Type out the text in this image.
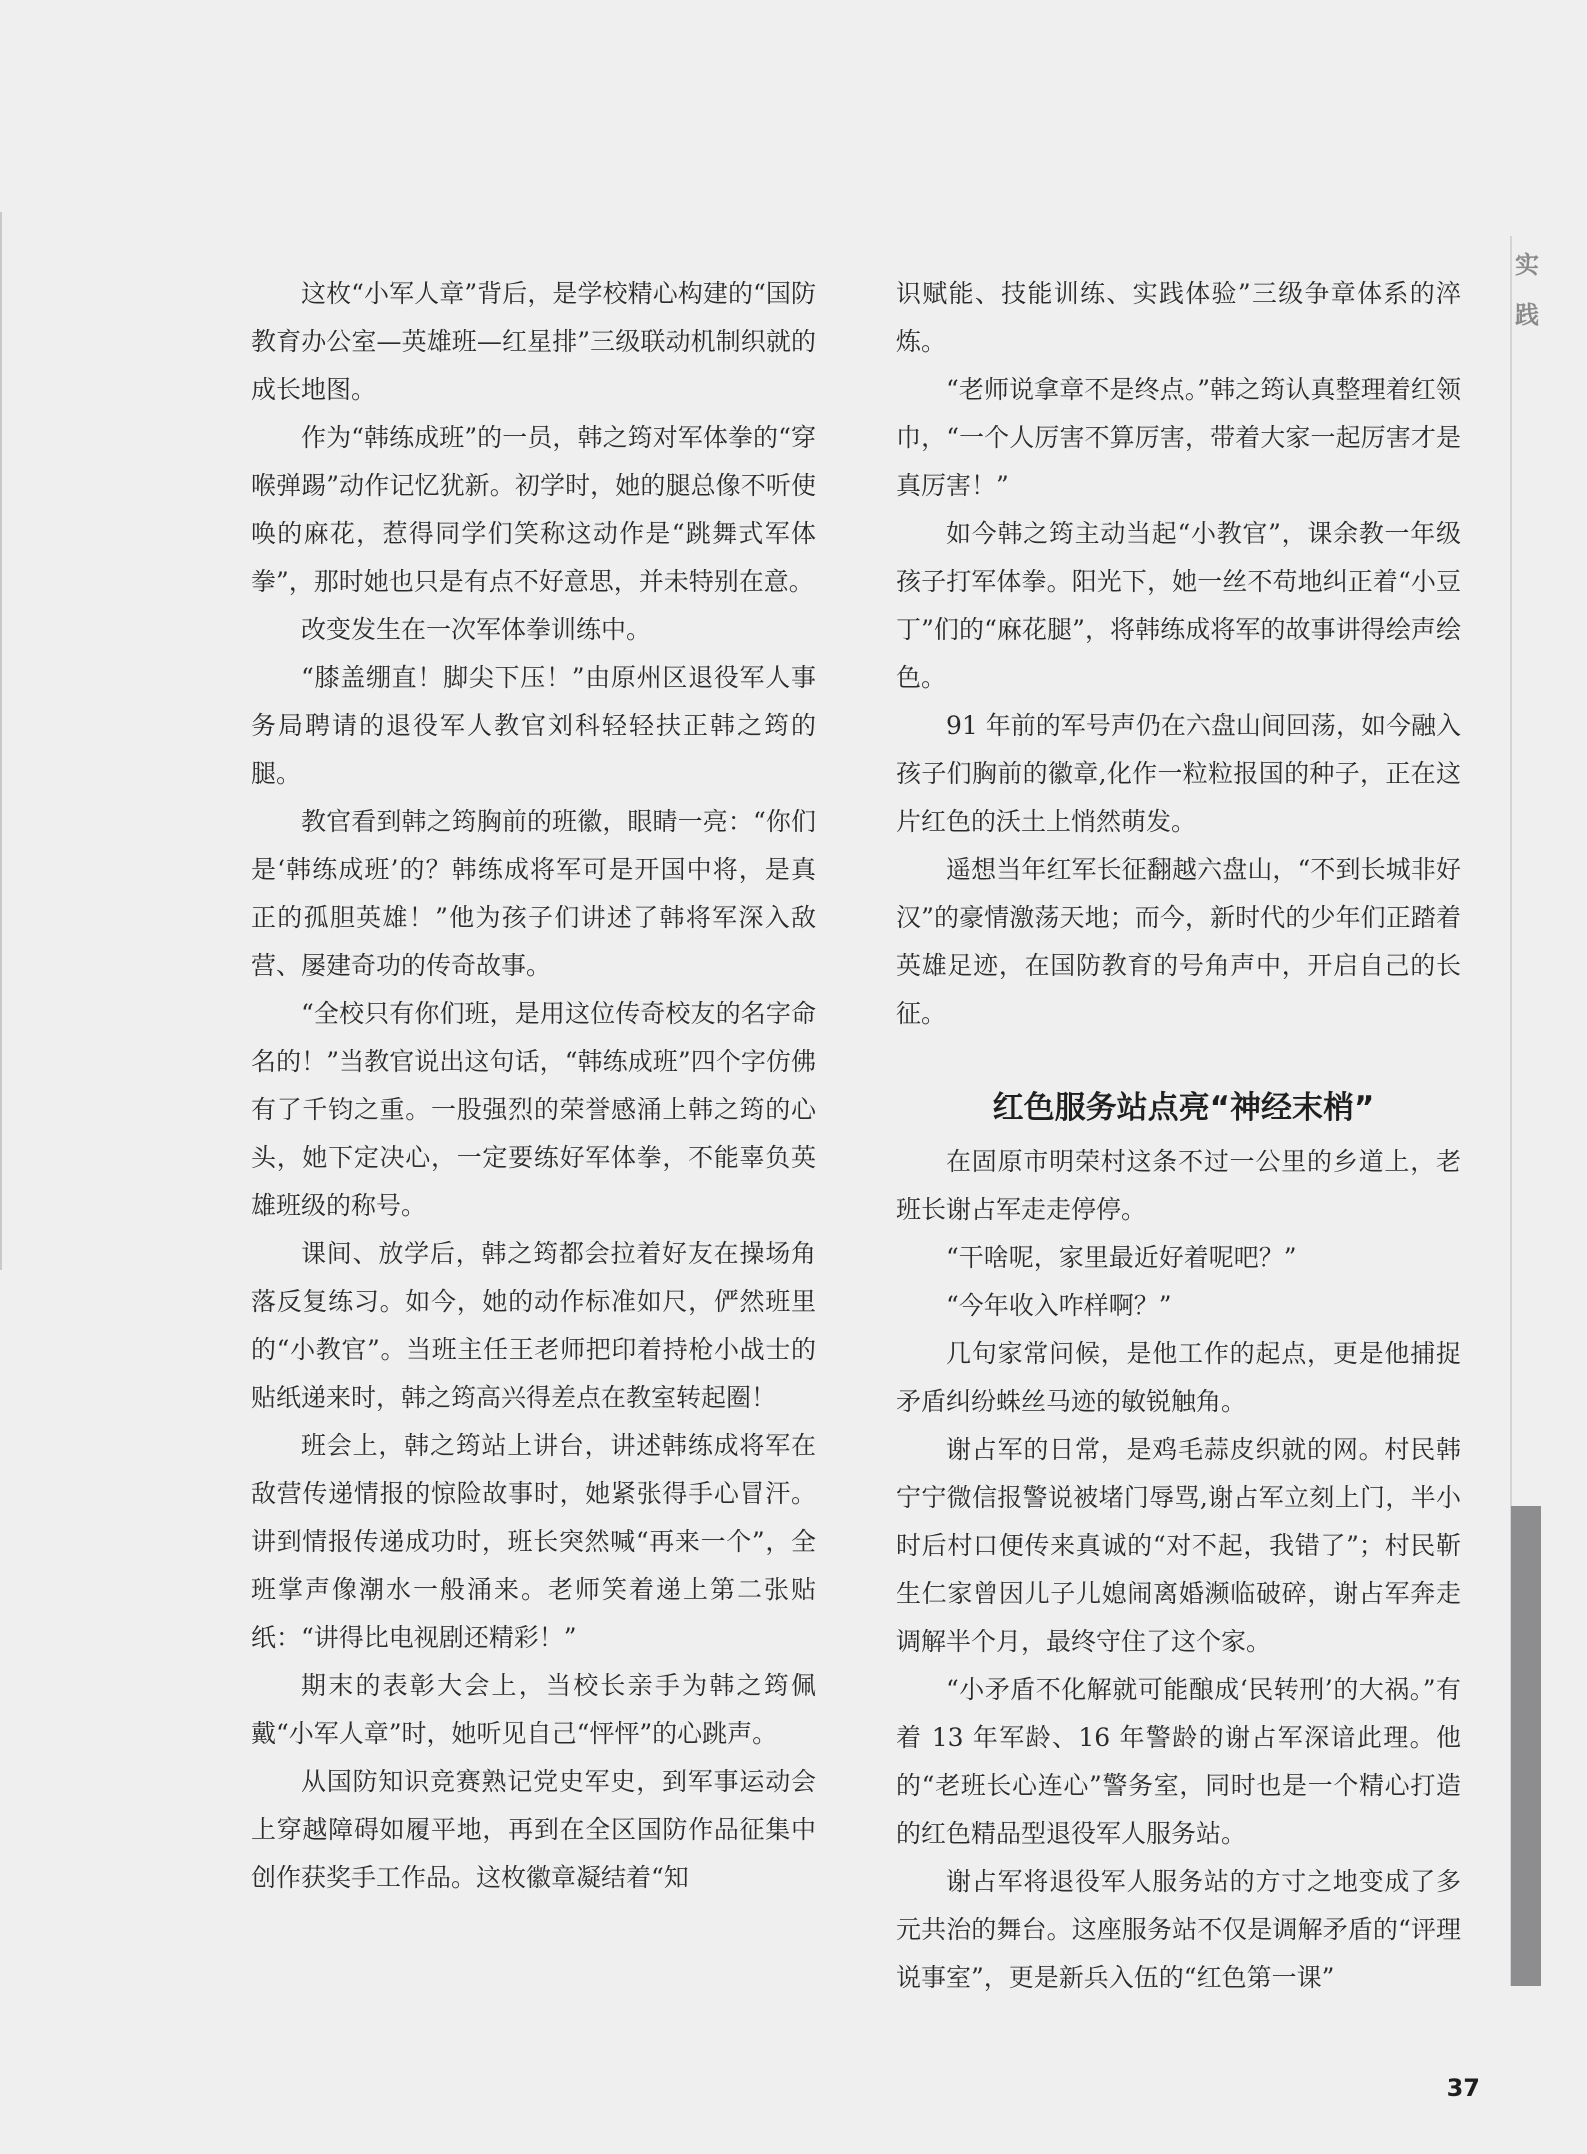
这枚“小军人章”背后，是学校精心构建的“国防教育办公室—英雄班—红星排”三级联动机制织就的成长地图。

作为“韩练成班”的一员，韩之筠对军体拳的“穿喉弹踢”动作记忆犹新。初学时，她的腿总像不听使唤的麻花，惹得同学们笑称这动作是“跳舞式军体拳”，那时她也只是有点不好意思，并未特别在意。

改变发生在一次军体拳训练中。

“膝盖绷直！脚尖下压！”由原州区退役军人事务局聘请的退役军人教官刘科轻轻扶正韩之筠的腿。

教官看到韩之筠胸前的班徽，眼睛一亮：“你们是‘韩练成班’的？韩练成将军可是开国中将，是真正的孤胆英雄！”他为孩子们讲述了韩将军深入敌营、屡建奇功的传奇故事。

“全校只有你们班，是用这位传奇校友的名字命名的！”当教官说出这句话，“韩练成班”四个字仿佛有了千钧之重。一股强烈的荣誉感涌上韩之筠的心头，她下定决心，一定要练好军体拳，不能辜负英雄班级的称号。

课间、放学后，韩之筠都会拉着好友在操场角落反复练习。如今，她的动作标准如尺，俨然班里的“小教官”。当班主任王老师把印着持枪小战士的贴纸递来时，韩之筠高兴得差点在教室转起圈！

班会上，韩之筠站上讲台，讲述韩练成将军在敌营传递情报的惊险故事时，她紧张得手心冒汗。讲到情报传递成功时，班长突然喊“再来一个”，全班掌声像潮水一般涌来。老师笑着递上第二张贴纸：“讲得比电视剧还精彩！”

期末的表彰大会上，当校长亲手为韩之筠佩戴“小军人章”时，她听见自己“怦怦”的心跳声。

从国防知识竞赛熟记党史军史，到军事运动会上穿越障碍如履平地，再到在全区国防作品征集中创作获奖手工作品。这枚徽章凝结着“知

识赋能、技能训练、实践体验”三级争章体系的淬炼。

“老师说拿章不是终点。”韩之筠认真整理着红领巾，“一个人厉害不算厉害，带着大家一起厉害才是真厉害！”

如今韩之筠主动当起“小教官”，课余教一年级孩子打军体拳。阳光下，她一丝不苟地纠正着“小豆丁”们的“麻花腿”，将韩练成将军的故事讲得绘声绘色。

91 年前的军号声仍在六盘山间回荡，如今融入孩子们胸前的徽章,化作一粒粒报国的种子，正在这片红色的沃土上悄然萌发。

遥想当年红军长征翻越六盘山，“不到长城非好汉”的豪情激荡天地；而今，新时代的少年们正踏着英雄足迹，在国防教育的号角声中，开启自己的长征。

红色服务站点亮“神经末梢”

在固原市明荣村这条不过一公里的乡道上，老班长谢占军走走停停。

“干啥呢，家里最近好着呢吧？”

“今年收入咋样啊？”

几句家常问候，是他工作的起点，更是他捕捉矛盾纠纷蛛丝马迹的敏锐触角。

谢占军的日常，是鸡毛蒜皮织就的网。村民韩宁宁微信报警说被堵门辱骂,谢占军立刻上门，半小时后村口便传来真诚的“对不起，我错了”；村民靳生仁家曾因儿子儿媳闹离婚濒临破碎，谢占军奔走调解半个月，最终守住了这个家。

“小矛盾不化解就可能酿成‘民转刑’的大祸。”有着 13 年军龄、16 年警龄的谢占军深谙此理。他的“老班长心连心”警务室，同时也是一个精心打造的红色精品型退役军人服务站。

谢占军将退役军人服务站的方寸之地变成了多元共治的舞台。这座服务站不仅是调解矛盾的“评理说事室”，更是新兵入伍的“红色第一课”

实
践
37
